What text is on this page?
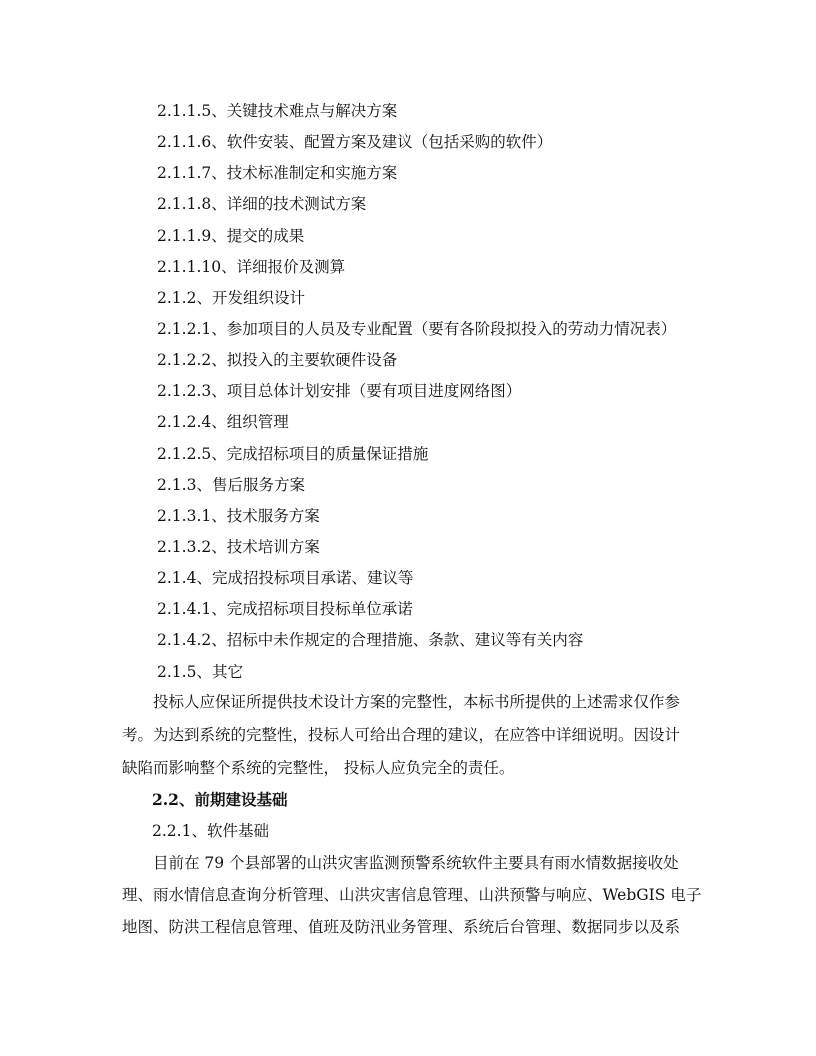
2.1.1.5、关键技术难点与解决方案
2.1.1.6、软件安装、配置方案及建议（包括采购的软件）
2.1.1.7、技术标准制定和实施方案
2.1.1.8、详细的技术测试方案
2.1.1.9、提交的成果
2.1.1.10、详细报价及测算
2.1.2、开发组织设计
2.1.2.1、参加项目的人员及专业配置（要有各阶段拟投入的劳动力情况表）
2.1.2.2、拟投入的主要软硬件设备
2.1.2.3、项目总体计划安排（要有项目进度网络图）
2.1.2.4、组织管理
2.1.2.5、完成招标项目的质量保证措施
2.1.3、售后服务方案
2.1.3.1、技术服务方案
2.1.3.2、技术培训方案
2.1.4、完成招投标项目承诺、建议等
2.1.4.1、完成招标项目投标单位承诺
2.1.4.2、招标中未作规定的合理措施、条款、建议等有关内容
2.1.5、其它
投标人应保证所提供技术设计方案的完整性，本标书所提供的上述需求仅作参
考。为达到系统的完整性，投标人可给出合理的建议，在应答中详细说明。因设计
缺陷而影响整个系统的完整性， 投标人应负完全的责任。
2.2、前期建设基础
2.2.1、软件基础
目前在 79 个县部署的山洪灾害监测预警系统软件主要具有雨水情数据接收处
理、雨水情信息查询分析管理、山洪灾害信息管理、山洪预警与响应、WebGIS 电子
地图、防洪工程信息管理、值班及防汛业务管理、系统后台管理、数据同步以及系
